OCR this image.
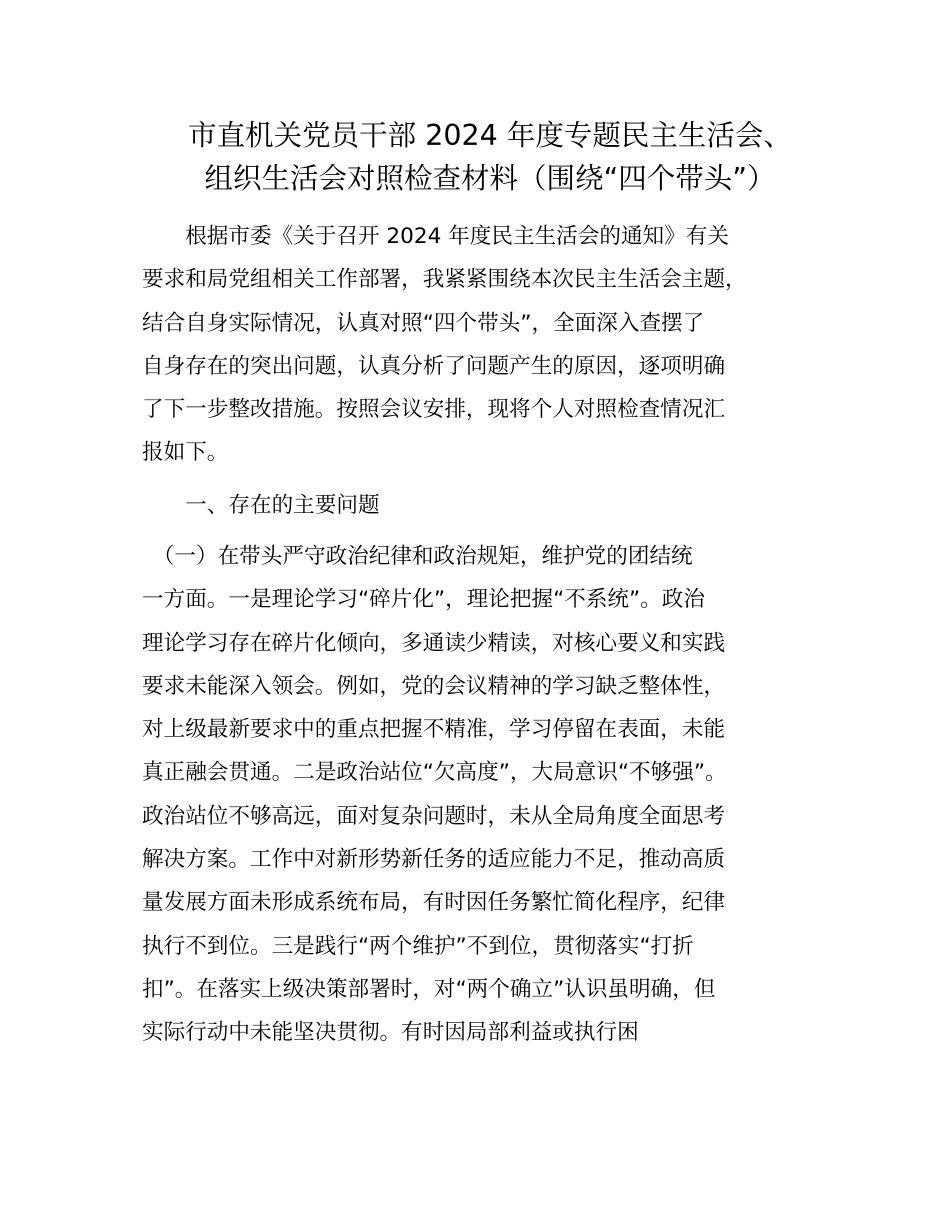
市直机关党员干部 2024 年度专题民主生活会、
组织生活会对照检查材料（围绕“四个带头”）

　　根据市委《关于召开 2024 年度民主生活会的通知》有关
要求和局党组相关工作部署，我紧紧围绕本次民主生活会主题，
结合自身实际情况，认真对照“四个带头”，全面深入查摆了
自身存在的突出问题，认真分析了问题产生的原因，逐项明确
了下一步整改措施。按照会议安排，现将个人对照检查情况汇
报如下。

　　一、存在的主要问题

　（一）在带头严守政治纪律和政治规矩，维护党的团结统
一方面。一是理论学习“碎片化”，理论把握“不系统”。政治
理论学习存在碎片化倾向，多通读少精读，对核心要义和实践
要求未能深入领会。例如，党的会议精神的学习缺乏整体性，
对上级最新要求中的重点把握不精准，学习停留在表面，未能
真正融会贯通。二是政治站位“欠高度”，大局意识“不够强”。
政治站位不够高远，面对复杂问题时，未从全局角度全面思考
解决方案。工作中对新形势新任务的适应能力不足，推动高质
量发展方面未形成系统布局，有时因任务繁忙简化程序，纪律
执行不到位。三是践行“两个维护”不到位，贯彻落实“打折
扣”。在落实上级决策部署时，对“两个确立”认识虽明确，但
实际行动中未能坚决贯彻。有时因局部利益或执行困
